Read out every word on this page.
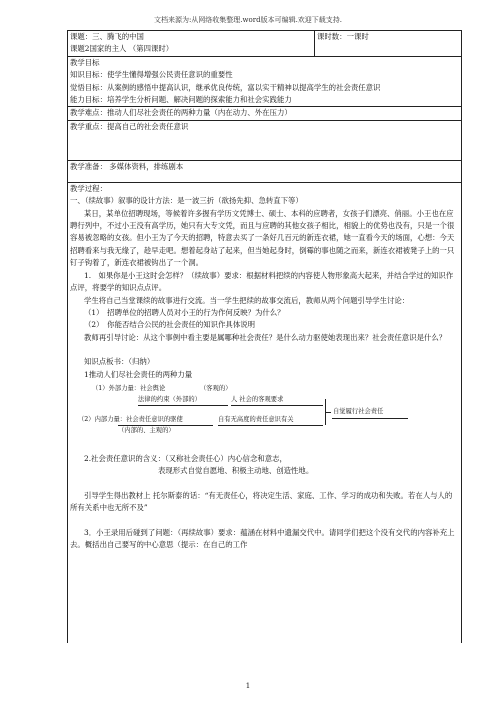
文档来源为:从网络收集整理.word版本可编辑.欢迎下载支持.

课题：三、腾飞的中国

课题2国家的主人 （第四课时）

课时数：一课时

教学目标

知识目标：使学生懂得增强公民责任意识的重要性

觉悟目标：从案例的感悟中提高认识，继承优良传统，富以实干精神以提高学生的社会责任意识

能力目标：培养学生分析问题、解决问题的探索能力和社会实践能力

教学难点：推动人们尽社会责任的两种力量（内在动力、外在压力）

教学重点：提高自己的社会责任意识

教学准备： 多媒体资料，排练剧本

教学过程：

一、（续故事）叙事的设计方法：是一波三折（欲扬先抑、急转直下等）

某日，某单位招聘现场，等候着许多握有学历文凭博士、硕士、本科的应聘者，女孩子们漂亮、俏丽。小王也在应聘行列中，不过小王没有高学历，她只有大专文凭，而且与应聘的其他女孩子相比，相貌上的优势也没有，只是一个很容易被忽略的女孩。但小王为了今天的招聘，特意去买了一条好几百元的新连衣裙，她一直看今天的场面，心想：今天招聘看来与我无缘了，趁早走吧。想着起身站了起来，但当她起身时，倒霉的事也随之而来，新连衣裙被凳子上的一只钉子钩着了，新连衣裙被钩出了一个洞。

1.　如果你是小王这时会怎样？（续故事）要求：根据材料把续的内容使人物形象高大起来，并结合学过的知识作点评，将要学的知识点点评。

学生将自己当堂课续的故事进行交流。当一学生把续的故事交流后，教师从两个问题引导学生讨论：

（1）　招聘单位的招聘人员对小王的行为作何反映？为什么？

（2）　你能否结合公民的社会责任的知识作具体说明

教师再引导讨论：从这个事例中看主要是属哪种社会责任？是什么动力驱使她表现出来？社会责任意识是什么？

知识点板书：（归纳）

1推动人们尽社会责任的两种力量

（1）外部力量：社会舆论	（客观的）
法律的约束（外部的）	人 社会的客观要求
（2）内部力量：社会责任意识的驱使	自有无高度的责任意识有关
（内部的、主观的）
自觉履行社会责任

2.社会责任意识的含义：（又称社会责任心）内心信念和意志，

表现形式自觉自愿地、积极主动地、创造性地。

引导学生得出教材上 托尔斯泰的话：“有无责任心，将决定生活、家庭、工作、学习的成功和失败。若在人与人的所有关系中也无所不及”

3．小王录用后碰到了问题：（再续故事）要求：蕴涵在材料中遗漏交代中。请同学们把这个没有交代的内容补充上去。概括出自己要写的中心意思（提示：在自己的工作

1
